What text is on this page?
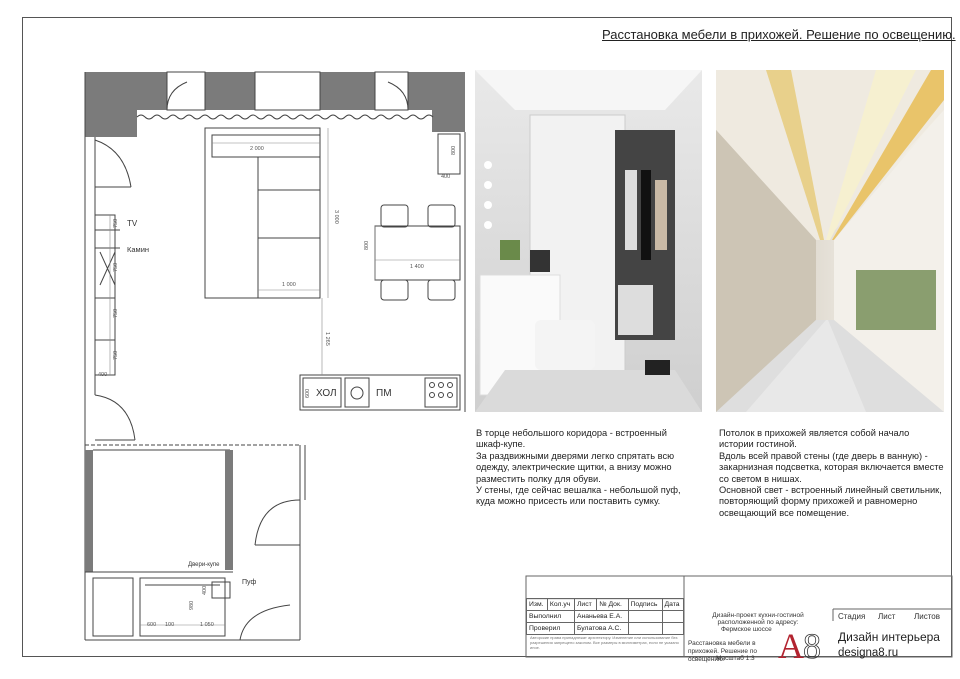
Расстановка мебели в прихожей. Решение по освещению.
2 000
3 000
1 000
1 400
800
800
400
400
750
750
750
750
1 265
600
980
400
600 100	1 050
TV
Камин
ХОЛ	ПМ
Двери-купе
Пуф

В торце небольшого коридора - встроенный шкаф-купе.

За раздвижными дверями легко спрятать всю одежду, электрические щитки, а внизу можно разместить полку для обуви.

У стены, где сейчас вешалка - небольшой пуф, куда можно присесть или поставить сумку.

Потолок в прихожей является собой начало истории гостиной.

Вдоль всей правой стены (где дверь в ванную) - закарнизная подсветка, которая включается вместе со светом в нишах.

Основной свет - встроенный линейный светильник, повторяющий форму прихожей и равномерно освещающий все помещение.

Изм.	Кол.уч	Лист	№ Док.	Подпись	Дата
Выполнил		Ананьева Е.А.			
Проверил		Булатова А.С.			
Авторские права принадлежат архитектору. Изменение или использование без разрешения запрещено законом. Все размеры в миллиметрах, если не указано иное.
Дизайн-проект кухни-гостиной расположенной по адресу:
Фермское шоссе
Расстановка мебели в прихожей. Решение по освещению.
Масштаб 1:3
Стадия Лист Листов
A 8 Дизайн интерьера
designa8.ru
